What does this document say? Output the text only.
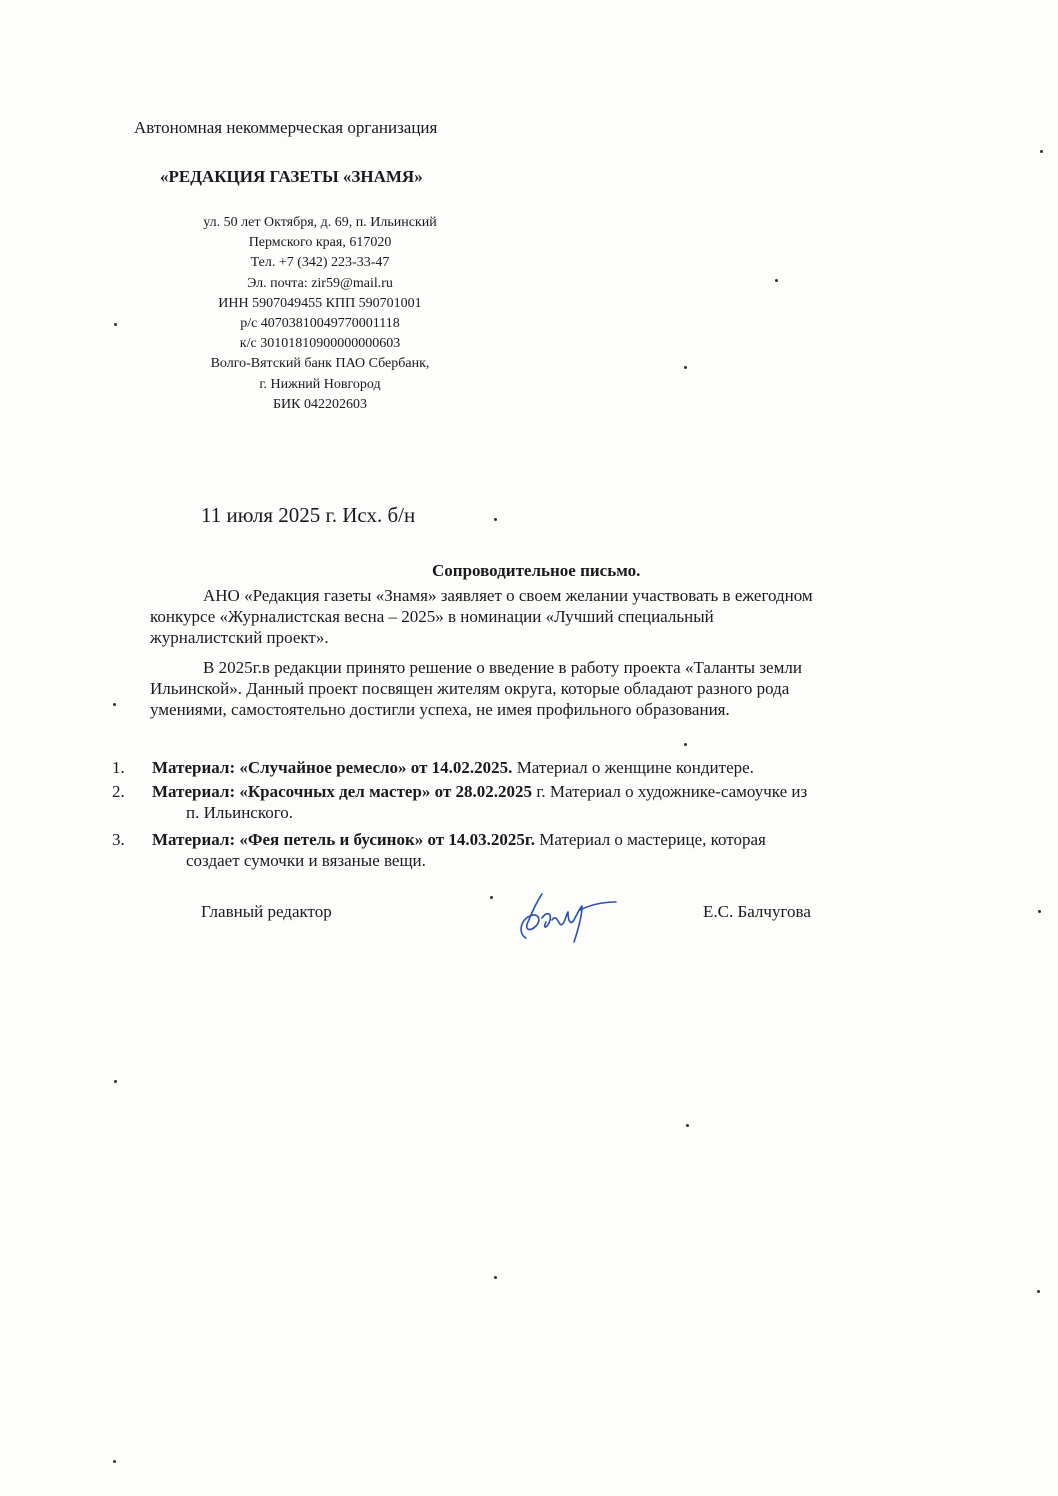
Автономная некоммерческая организация
«РЕДАКЦИЯ ГАЗЕТЫ «ЗНАМЯ»
ул. 50 лет Октября, д. 69, п. Ильинский
Пермского края, 617020
Тел. +7 (342) 223-33-47
Эл. почта: zir59@mail.ru
ИНН 5907049455 КПП 590701001
р/с 40703810049770001118
к/с 30101810900000000603
Волго-Вятский банк ПАО Сбербанк,
г. Нижний Новгород
БИК 042202603
11 июля 2025 г. Исх. б/н
Сопроводительное письмо.
АНО «Редакция газеты «Знамя» заявляет о своем желании участвовать в ежегодном
конкурсе «Журналистская весна – 2025» в номинации «Лучший специальный
журналистский проект».
В 2025г.в редакции принято решение о введение в работу проекта «Таланты земли
Ильинской». Данный проект посвящен жителям округа, которые обладают разного рода
умениями, самостоятельно достигли успеха, не имея профильного образования.
1.	Материал: «Случайное ремесло» от 14.02.2025. Материал о женщине кондитере.
2.	Материал: «Красочных дел мастер» от 28.02.2025 г. Материал о художнике-самоучке из
п. Ильинского.
3.	Материал: «Фея петель и бусинок» от 14.03.2025г. Материал о мастерице, которая
создает сумочки и вязаные вещи.
Главный редактор	Е.С. Балчугова
